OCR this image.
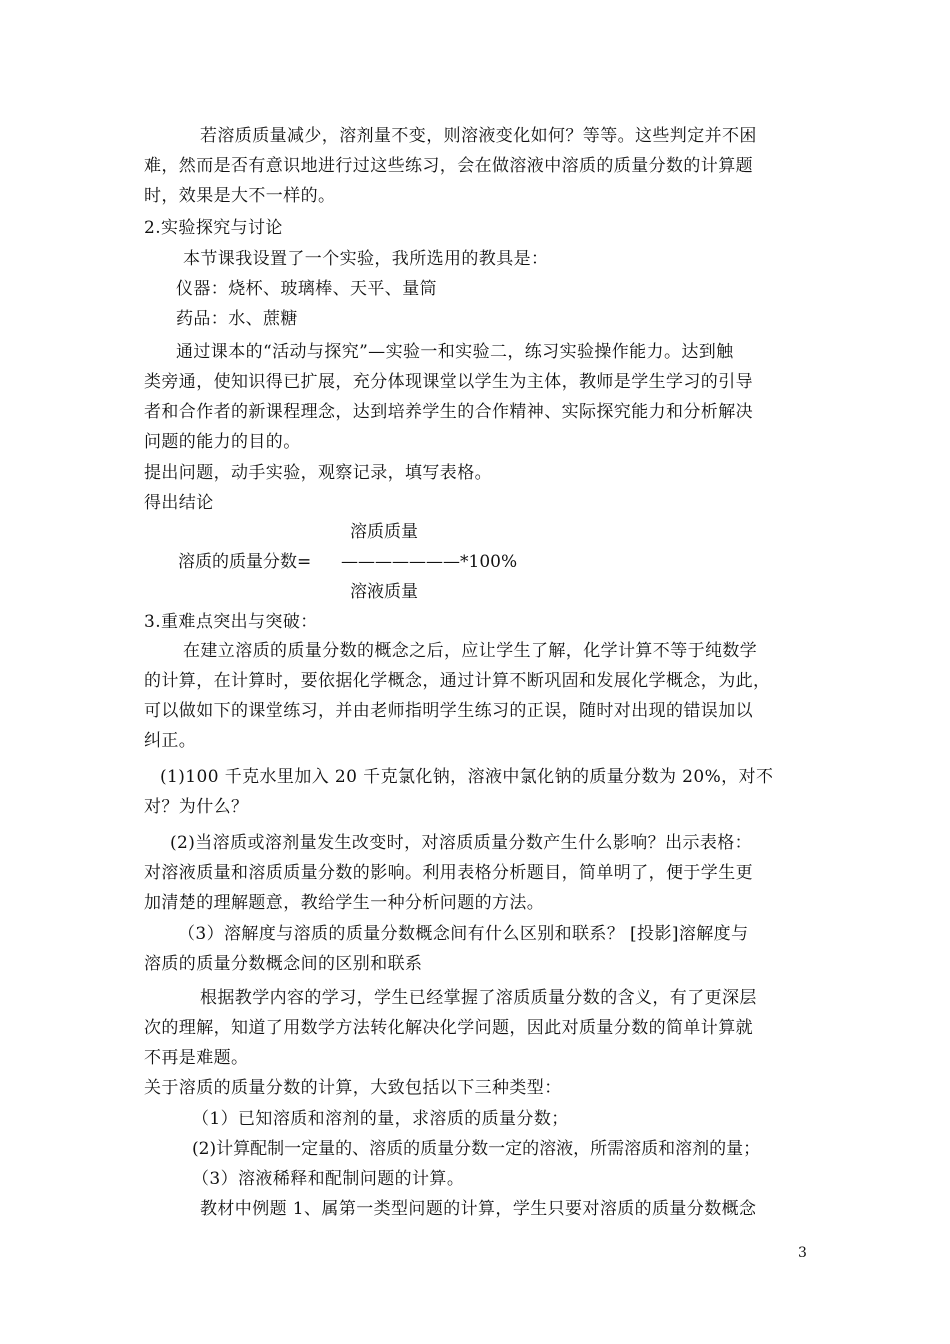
若溶质质量减少，溶剂量不变，则溶液变化如何？等等。这些判定并不困
难，然而是否有意识地进行过这些练习，会在做溶液中溶质的质量分数的计算题
时，效果是大不一样的。
2.实验探究与讨论
本节课我设置了一个实验，我所选用的教具是：
仪器：烧杯、玻璃棒、天平、量筒
药品：水、蔗糖
通过课本的“活动与探究”—实验一和实验二，练习实验操作能力。达到触
类旁通，使知识得已扩展，充分体现课堂以学生为主体，教师是学生学习的引导
者和合作者的新课程理念，达到培养学生的合作精神、实际探究能力和分析解决
问题的能力的目的。
提出问题，动手实验，观察记录，填写表格。
得出结论
溶质质量
溶质的质量分数= ———————*100%
溶液质量
3.重难点突出与突破：
在建立溶质的质量分数的概念之后，应让学生了解，化学计算不等于纯数学
的计算，在计算时，要依据化学概念，通过计算不断巩固和发展化学概念，为此，
可以做如下的课堂练习，并由老师指明学生练习的正误，随时对出现的错误加以
纠正。
(1)100 千克水里加入 20 千克氯化钠，溶液中氯化钠的质量分数为 20%，对不
对？为什么？
(2)当溶质或溶剂量发生改变时，对溶质质量分数产生什么影响？出示表格：
对溶液质量和溶质质量分数的影响。利用表格分析题目，简单明了，便于学生更
加清楚的理解题意，教给学生一种分析问题的方法。
（3）溶解度与溶质的质量分数概念间有什么区别和联系？ [投影]溶解度与
溶质的质量分数概念间的区别和联系
根据教学内容的学习，学生已经掌握了溶质质量分数的含义，有了更深层
次的理解，知道了用数学方法转化解决化学问题，因此对质量分数的简单计算就
不再是难题。
关于溶质的质量分数的计算，大致包括以下三种类型：
（1）已知溶质和溶剂的量，求溶质的质量分数；
(2)计算配制一定量的、溶质的质量分数一定的溶液，所需溶质和溶剂的量；
（3）溶液稀释和配制问题的计算。
教材中例题 1、属第一类型问题的计算，学生只要对溶质的质量分数概念
3
